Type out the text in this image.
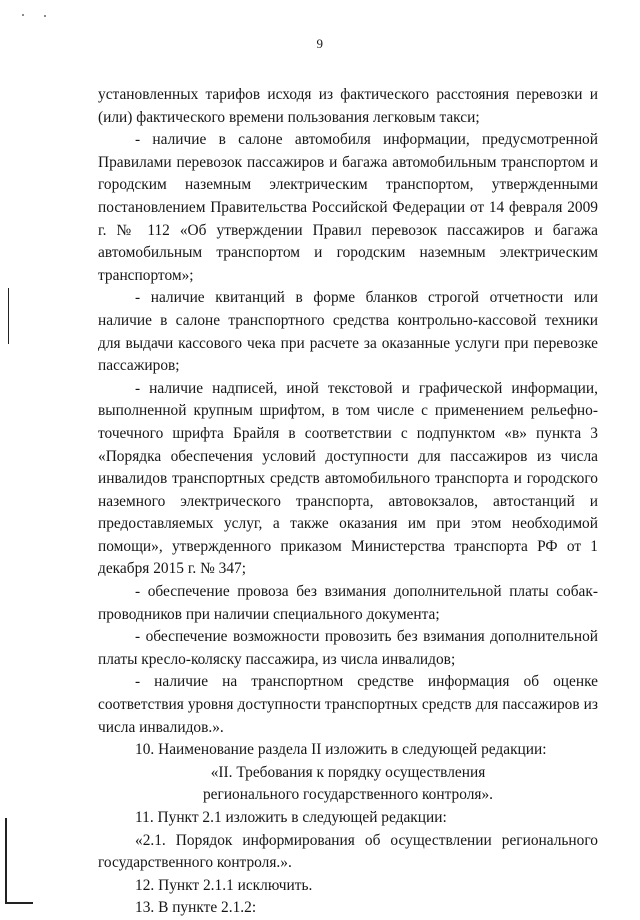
9

установленных тарифов исходя из фактического расстояния перевозки и (или) фактического времени пользования легковым такси;

- наличие в салоне автомобиля информации, предусмотренной Правилами перевозок пассажиров и багажа автомобильным транспортом и городским наземным электрическим транспортом, утвержденными постановлением Правительства Российской Федерации от 14 февраля 2009 г. № 112 «Об утверждении Правил перевозок пассажиров и багажа автомобильным транспортом и городским наземным электрическим транспортом»;

- наличие квитанций в форме бланков строгой отчетности или наличие в салоне транспортного средства контрольно-кассовой техники для выдачи кассового чека при расчете за оказанные услуги при перевозке пассажиров;

- наличие надписей, иной текстовой и графической информации, выполненной крупным шрифтом, в том числе с применением рельефно-точечного шрифта Брайля в соответствии с подпунктом «в» пункта 3 «Порядка обеспечения условий доступности для пассажиров из числа инвалидов транспортных средств автомобильного транспорта и городского наземного электрического транспорта, автовокзалов, автостанций и предоставляемых услуг, а также оказания им при этом необходимой помощи», утвержденного приказом Министерства транспорта РФ от 1 декабря 2015 г. № 347;

- обеспечение провоза без взимания дополнительной платы собак-проводников при наличии специального документа;

- обеспечение возможности провозить без взимания дополнительной платы кресло-коляску пассажира, из числа инвалидов;

- наличие на транспортном средстве информация об оценке соответствия уровня доступности транспортных средств для пассажиров из числа инвалидов.».

10. Наименование раздела II изложить в следующей редакции:

«II. Требования к порядку осуществления

регионального государственного контроля».

11. Пункт 2.1 изложить в следующей редакции:

«2.1. Порядок информирования об осуществлении регионального государственного контроля.».

12. Пункт 2.1.1 исключить.

13. В пункте 2.1.2:
